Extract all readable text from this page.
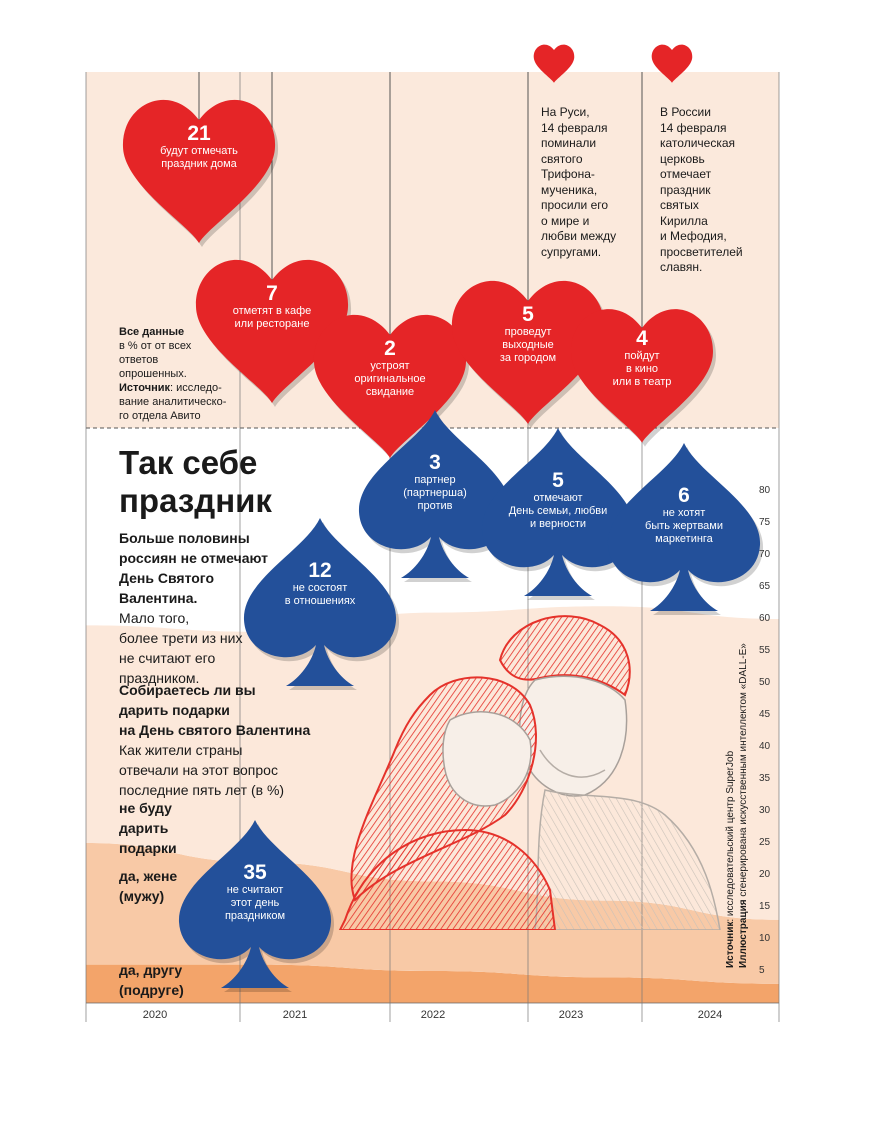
Все данные
в % от от всех ответов опрошенных.
Источник: исследо-вание аналитическо-го отдела Авито
На Руси,
14 февраля
поминали
святого
Трифона-
мученика,
просили его
о мире и
любви между
супругами.
В России
14 февраля
католическая
церковь
отмечает
праздник
святых
Кирилла
и Мефодия,
просветителей
славян.
Так себе
праздник
Больше половины
россиян не отмечают
День Святого
Валентина.
Мало того,
более трети из них
не считают его
праздником.
Собираетесь ли вы
дарить подарки
на День святого Валентина
Как жители страны
отвечали на этот вопрос
последние пять лет (в %)
не буду дарить подарки
да, жене (мужу)
да, другу (подруге)
5
10
15
20
25
30
35
40
45
50
55
60
65
70
75
80
2020	2021	2022	2023	2024
Источник: исследовательский центр SuperJob
Иллюстрация сгенерирована искусственным интеллектом «DALL-E»
21
будут отмечать
праздник дома
7
отметят в кафе
или ресторане
2
устроят
оригинальное
свидание
5
проведут
выходные
за городом
4
пойдут
в кино
или в театр
3
партнер
(партнерша)
против
5
отмечают
День семьи, любви
и верности
6
не хотят
быть жертвами
маркетинга
12
не состоят
в отношениях
35
не считают
этот день
праздником
